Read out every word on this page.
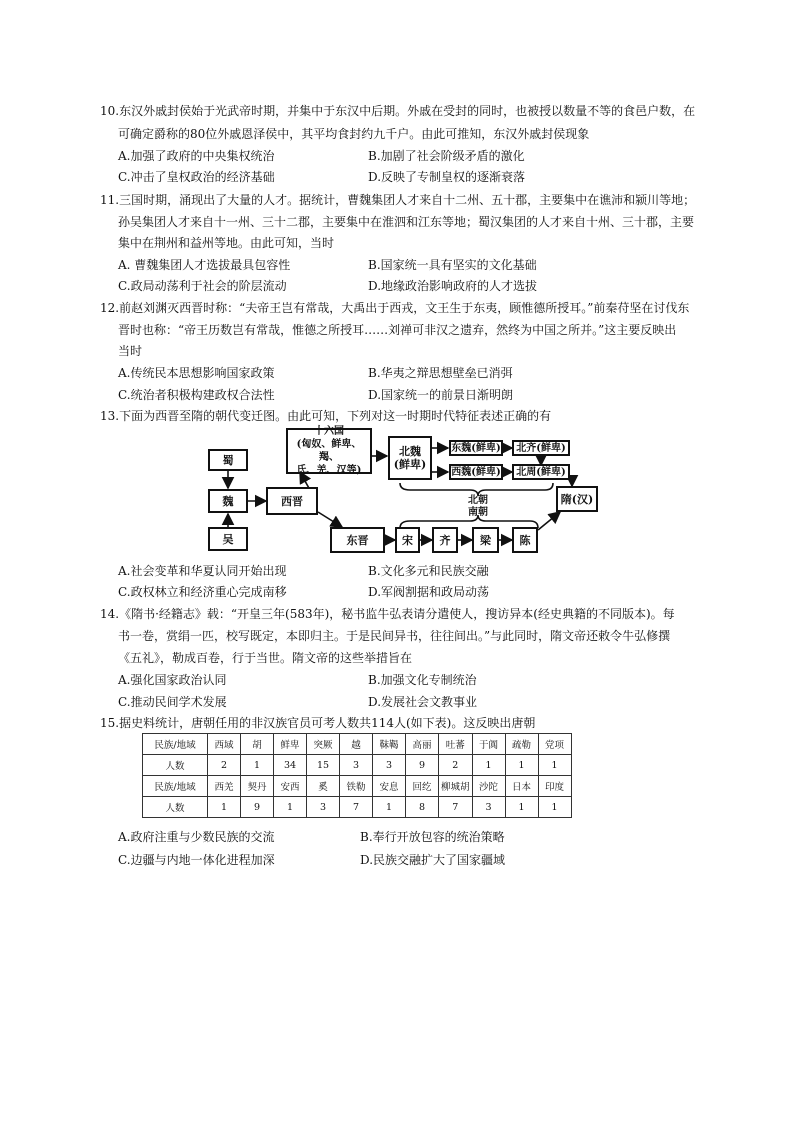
10.东汉外戚封侯始于光武帝时期，并集中于东汉中后期。外戚在受封的同时，也被授以数量不等的食邑户数，在
可确定爵称的80位外戚恩泽侯中，其平均食封约九千户。由此可推知，东汉外戚封侯现象
A.加强了政府的中央集权统治	B.加剧了社会阶级矛盾的激化
C.冲击了皇权政治的经济基础	D.反映了专制皇权的逐渐衰落
11.三国时期，涌现出了大量的人才。据统计，曹魏集团人才来自十二州、五十郡，主要集中在谯沛和颍川等地；
孙吴集团人才来自十一州、三十二郡，主要集中在淮泗和江东等地；蜀汉集团的人才来自十州、三十郡，主要
集中在荆州和益州等地。由此可知，当时
A. 曹魏集团人才选拔最具包容性	B.国家统一具有坚实的文化基础
C.政局动荡利于社会的阶层流动	D.地缘政治影响政府的人才选拔
12.前赵刘渊灭西晋时称：“夫帝王岂有常哉，大禹出于西戎，文王生于东夷，顾惟德所授耳。”前秦苻坚在讨伐东
晋时也称：“帝王历数岂有常哉，惟德之所授耳……刘禅可非汉之遗弃，然终为中国之所并。”这主要反映出
当时
A.传统民本思想影响国家政策	B.华夷之辩思想壁垒已消弭
C.统治者积极构建政权合法性	D.国家统一的前景日渐明朗
13.下面为西晋至隋的朝代变迁图。由此可知，下列对这一时期时代特征表述正确的有
蜀
魏
吴
西晋
十六国
(匈奴、鲜卑、羯、
氐、羌、汉等)
北魏
(鲜卑)
东魏(鲜卑)	北齐(鲜卑)
西魏(鲜卑)	北周(鲜卑)
北朝
南朝
隋(汉)
东晋	宋	齐	梁	陈
A.社会变革和华夏认同开始出现	B.文化多元和民族交融
C.政权林立和经济重心完成南移	D.军阀割据和政局动荡
14.《隋书·经籍志》载：“开皇三年(583年)，秘书监牛弘表请分遣使人，搜访异本(经史典籍的不同版本)。每
书一卷，赏绢一匹，校写既定，本即归主。于是民间异书，往往间出。”与此同时，隋文帝还敕令牛弘修撰
《五礼》，勒成百卷，行于当世。隋文帝的这些举措旨在
A.强化国家政治认同	B.加强文化专制统治
C.推动民间学术发展	D.发展社会文教事业
15.据史料统计，唐朝任用的非汉族官员可考人数共114人(如下表)。这反映出唐朝
民族/地域	西域	胡	鲜卑	突厥	越	靺鞨	高丽	吐蕃	于阗	疏勒	党项
人数	2	1	34	15	3	3	9	2	1	1	1
民族/地域	西羌	契丹	安西	奚	铁勒	安息	回纥	柳城胡	沙陀	日本	印度
人数	1	9	1	3	7	1	8	7	3	1	1
A.政府注重与少数民族的交流	B.奉行开放包容的统治策略
C.边疆与内地一体化进程加深	D.民族交融扩大了国家疆域
